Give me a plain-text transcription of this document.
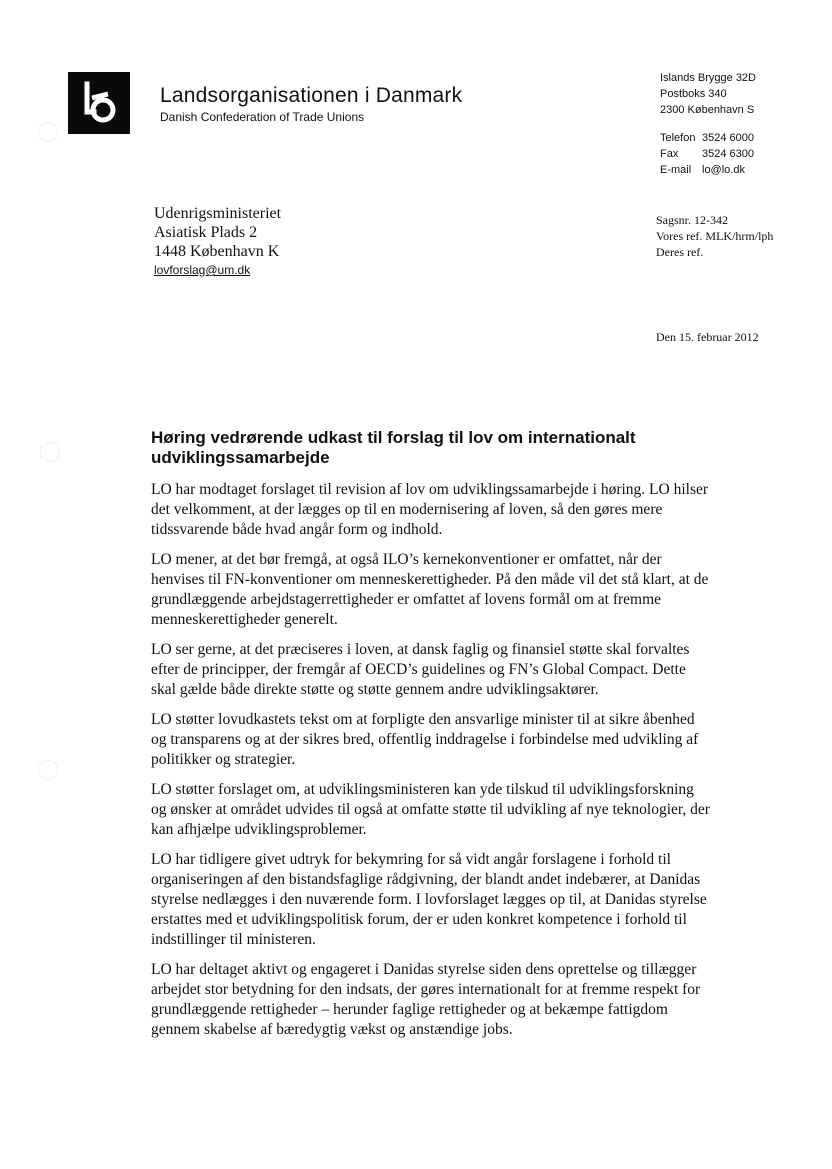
Landsorganisationen i Danmark
Danish Confederation of Trade Unions
Islands Brygge 32D
Postboks 340
2300 København S
Telefon 3524 6000
Fax	3524 6300
E-mail lo@lo.dk
Udenrigsministeriet
Asiatisk Plads 2
1448 København K
lovforslag@um.dk
Sagsnr. 12-342
Vores ref. MLK/hrm/lph
Deres ref.
Den 15. februar 2012
Høring vedrørende udkast til forslag til lov om internationalt udviklingssamarbejde

LO har modtaget forslaget til revision af lov om udviklingssamarbejde i høring. LO hilser det velkomment, at der lægges op til en modernisering af loven, så den gøres mere tidssvarende både hvad angår form og indhold.

LO mener, at det bør fremgå, at også ILO’s kernekonventioner er omfattet, når der henvises til FN-konventioner om menneskerettigheder. På den måde vil det stå klart, at de grundlæggende arbejdstagerrettigheder er omfattet af lovens formål om at fremme menneskerettigheder generelt.

LO ser gerne, at det præciseres i loven, at dansk faglig og finansiel støtte skal forvaltes efter de principper, der fremgår af OECD’s guidelines og FN’s Global Compact. Dette skal gælde både direkte støtte og støtte gennem andre udviklingsaktører.

LO støtter lovudkastets tekst om at forpligte den ansvarlige minister til at sikre åbenhed og transparens og at der sikres bred, offentlig inddragelse i forbindelse med udvikling af politikker og strategier.

LO støtter forslaget om, at udviklingsministeren kan yde tilskud til udviklingsforskning og ønsker at området udvides til også at omfatte støtte til udvikling af nye teknologier, der kan afhjælpe udviklingsproblemer.

LO har tidligere givet udtryk for bekymring for så vidt angår forslagene i forhold til organiseringen af den bistandsfaglige rådgivning, der blandt andet indebærer, at Danidas styrelse nedlægges i den nuværende form. I lovforslaget lægges op til, at Danidas styrelse erstattes med et udviklingspolitisk forum, der er uden konkret kompetence i forhold til indstillinger til ministeren.

LO har deltaget aktivt og engageret i Danidas styrelse siden dens oprettelse og tillægger arbejdet stor betydning for den indsats, der gøres internationalt for at fremme respekt for grundlæggende rettigheder – herunder faglige rettigheder og at bekæmpe fattigdom gennem skabelse af bæredygtig vækst og anstændige jobs.
